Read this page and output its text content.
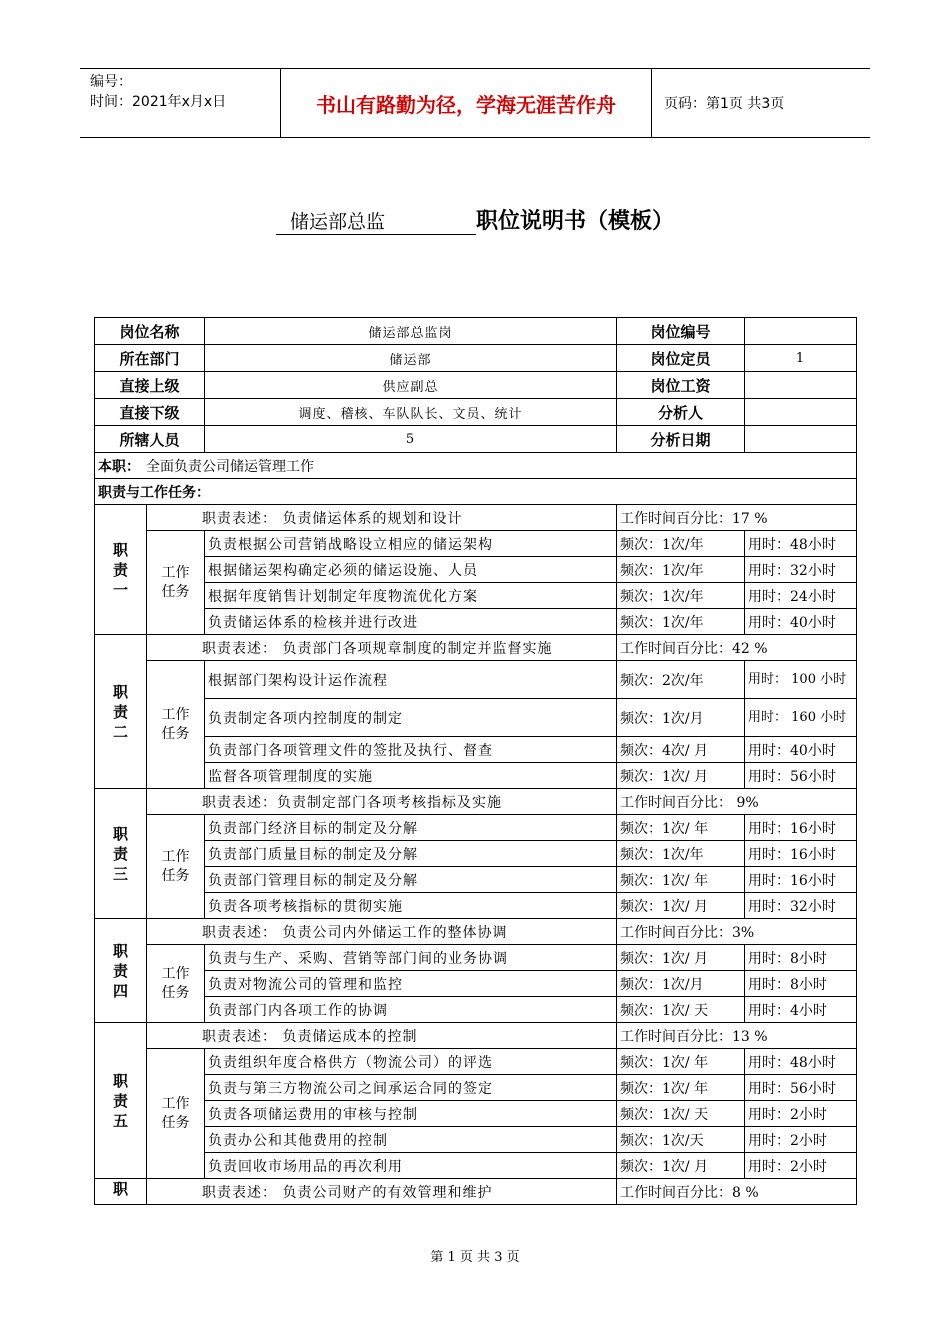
编号：
时间：2021年x月x日	书山有路勤为径，学海无涯苦作舟	页码：第1页 共3页
储运部总监	职位说明书（模板）
岗位名称		储运部总监岗	岗位编号	
所在部门		储运部	岗位定员	1
直接上级		供应副总	岗位工资	
直接下级		调度、稽核、车队队长、文员、统计	分析人	
所辖人员		5	分析日期	
本职： 全面负责公司储运管理工作				
职责与工作任务：				

职
责
一	职责表述： 负责储运体系的规划和设计		工作时间百分比：17 %	

	工作
任务	负责根据公司营销战略设立相应的储运架构	频次：1次/年	用时：48小时
		根据储运架构确定必须的储运设施、人员	频次：1次/年	用时：32小时
		根据年度销售计划制定年度物流优化方案	频次：1次/年	用时：24小时
		负责储运体系的检核并进行改进	频次：1次/年	用时：40小时

职
责
二	职责表述： 负责部门各项规章制度的制定并监督实施		工作时间百分比：42 %	

	工作
任务	根据部门架构设计运作流程	频次：2次/年	用时： 100 小时
		负责制定各项内控制度的制定	频次：1次/月	用时： 160 小时
		负责部门各项管理文件的签批及执行、督查	频次：4次/ 月	用时：40小时
		监督各项管理制度的实施	频次：1次/ 月	用时：56小时

职
责
三	职责表述：负责制定部门各项考核指标及实施		工作时间百分比： 9%	

	工作
任务	负责部门经济目标的制定及分解	频次：1次/ 年	用时：16小时
		负责部门质量目标的制定及分解	频次：1次/年	用时：16小时
		负责部门管理目标的制定及分解	频次：1次/ 年	用时：16小时
		负责各项考核指标的贯彻实施	频次：1次/ 月	用时：32小时

职
责
四	职责表述： 负责公司内外储运工作的整体协调		工作时间百分比：3%	

	工作
任务	负责与生产、采购、营销等部门间的业务协调	频次：1次/ 月	用时：8小时
		负责对物流公司的管理和监控	频次：1次/月	用时：8小时
		负责部门内各项工作的协调	频次：1次/ 天	用时：4小时

职
责
五	职责表述： 负责储运成本的控制		工作时间百分比：13 %	

	工作
任务	负责组织年度合格供方（物流公司）的评选	频次：1次/ 年	用时：48小时
		负责与第三方物流公司之间承运合同的签定	频次：1次/ 年	用时：56小时
		负责各项储运费用的审核与控制	频次：1次/ 天	用时：2小时
		负责办公和其他费用的控制	频次：1次/天	用时：2小时
		负责回收市场用品的再次利用	频次：1次/ 月	用时：2小时

职	职责表述： 负责公司财产的有效管理和维护		工作时间百分比：8 %	
第 1 页 共 3 页
